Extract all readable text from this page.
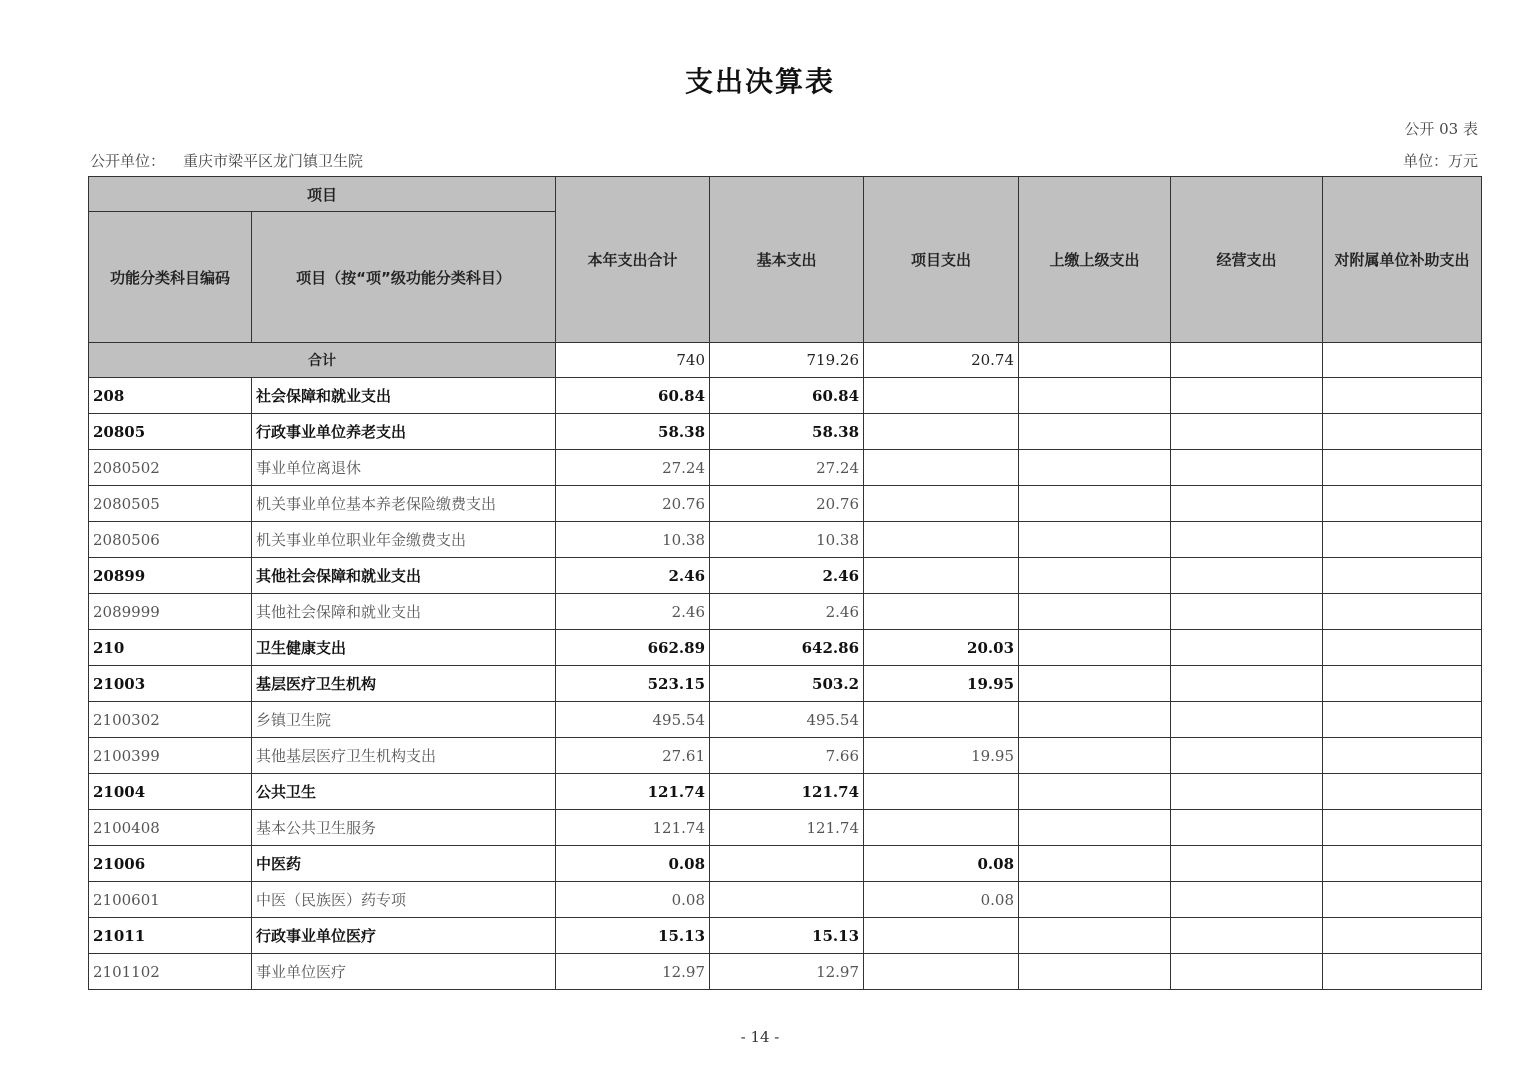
支出决算表
公开 03 表
公开单位： 重庆市梁平区龙门镇卫生院	单位：万元
项目		本年支出合计	基本支出	项目支出	上缴上级支出	经营支出	对附属单位补助支出
功能分类科目编码	项目（按“项”级功能分类科目）						
合计		740	719.26	20.74			
208	社会保障和就业支出	60.84	60.84				
20805	行政事业单位养老支出	58.38	58.38				
2080502	事业单位离退休	27.24	27.24				
2080505	机关事业单位基本养老保险缴费支出	20.76	20.76				
2080506	机关事业单位职业年金缴费支出	10.38	10.38				
20899	其他社会保障和就业支出	2.46	2.46				
2089999	其他社会保障和就业支出	2.46	2.46				
210	卫生健康支出	662.89	642.86	20.03			
21003	基层医疗卫生机构	523.15	503.2	19.95			
2100302	乡镇卫生院	495.54	495.54				
2100399	其他基层医疗卫生机构支出	27.61	7.66	19.95			
21004	公共卫生	121.74	121.74				
2100408	基本公共卫生服务	121.74	121.74				
21006	中医药	0.08		0.08			
2100601	中医（民族医）药专项	0.08		0.08			
21011	行政事业单位医疗	15.13	15.13				
2101102	事业单位医疗	12.97	12.97				
- 14 -
